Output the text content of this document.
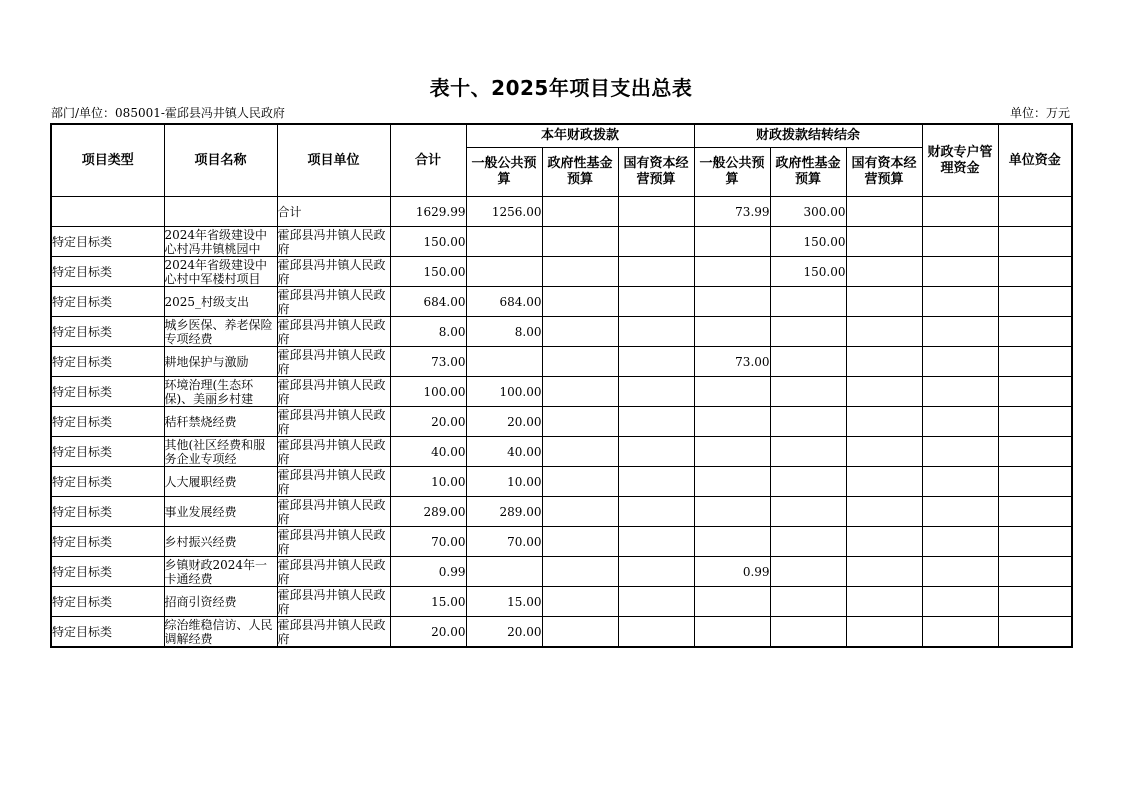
表十、2025年项目支出总表
部门/单位：085001-霍邱县冯井镇人民政府	单位：万元
项目类型	项目名称	项目单位	合计	本年财政拨款			财政拨款结转结余			财政专户管理资金	单位资金
				一般公共预算	政府性基金预算	国有资本经营预算	一般公共预算	政府性基金预算	国有资本经营预算		
		合计	1629.99	1256.00			73.99	300.00			
特定目标类	2024年省级建设中心村冯井镇桃园中	霍邱县冯井镇人民政府	150.00					150.00			
特定目标类	2024年省级建设中心村中军楼村项目	霍邱县冯井镇人民政府	150.00					150.00			
特定目标类	2025_村级支出	霍邱县冯井镇人民政府	684.00	684.00							
特定目标类	城乡医保、养老保险专项经费	霍邱县冯井镇人民政府	8.00	8.00							
特定目标类	耕地保护与激励	霍邱县冯井镇人民政府	73.00				73.00				
特定目标类	环境治理(生态环保)、美丽乡村建	霍邱县冯井镇人民政府	100.00	100.00							
特定目标类	秸秆禁烧经费	霍邱县冯井镇人民政府	20.00	20.00							
特定目标类	其他(社区经费和服务企业专项经	霍邱县冯井镇人民政府	40.00	40.00							
特定目标类	人大履职经费	霍邱县冯井镇人民政府	10.00	10.00							
特定目标类	事业发展经费	霍邱县冯井镇人民政府	289.00	289.00							
特定目标类	乡村振兴经费	霍邱县冯井镇人民政府	70.00	70.00							
特定目标类	乡镇财政2024年一卡通经费	霍邱县冯井镇人民政府	0.99				0.99				
特定目标类	招商引资经费	霍邱县冯井镇人民政府	15.00	15.00							
特定目标类	综治维稳信访、人民调解经费	霍邱县冯井镇人民政府	20.00	20.00							
